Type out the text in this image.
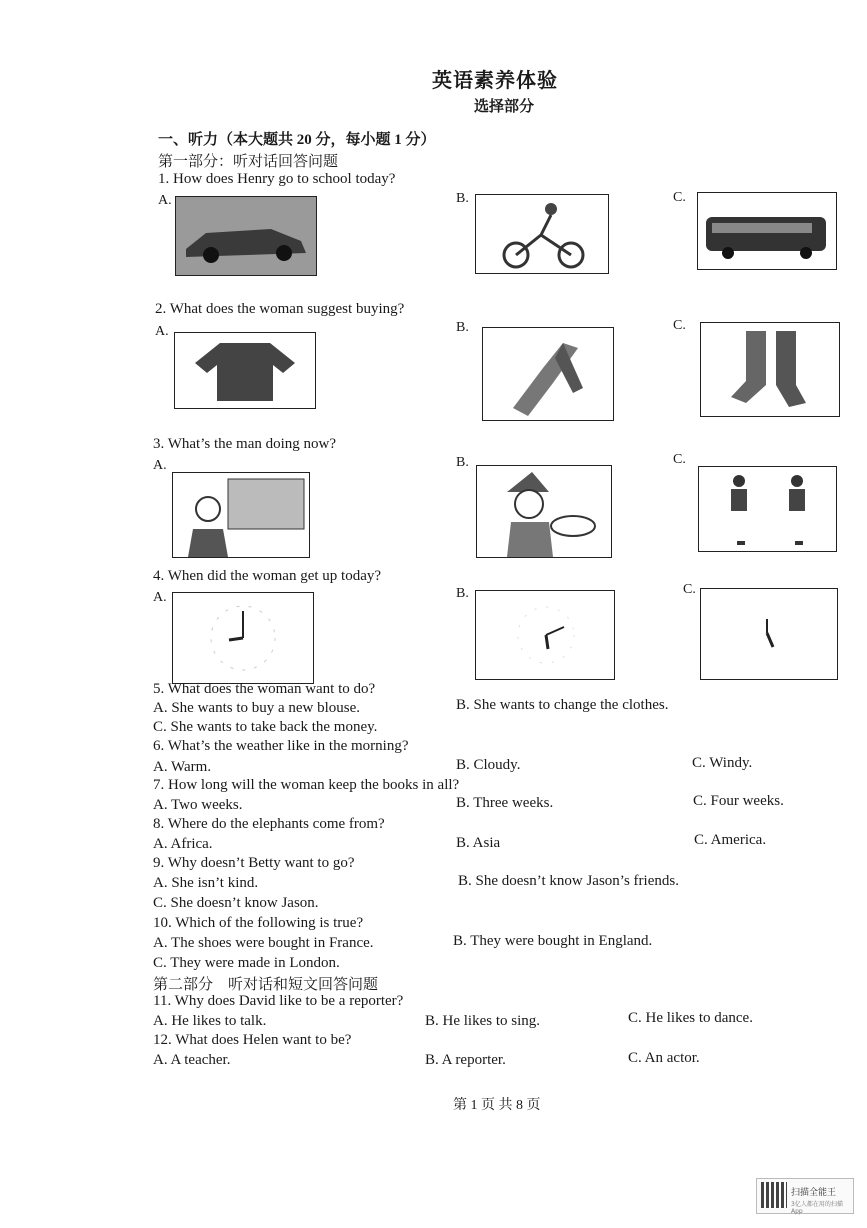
英语素养体验
选择部分
一、听力（本大题共 20 分，每小题 1 分）
第一部分：听对话回答问题
1. How does Henry go to school today?
A.	B.	C.
2. What does the woman suggest buying?
A.	B.	C.
3. What’s the man doing now?
A.	B.	C.
4. When did the woman get up today?
A.	B.	C.
5. What does the woman want to do?
A. She wants to buy a new blouse.	B. She wants to change the clothes.
C. She wants to take back the money.
6. What’s the weather like in the morning?
A. Warm.	B. Cloudy.	C. Windy.
7. How long will the woman keep the books in all?
A. Two weeks.	B. Three weeks.	C. Four weeks.
8. Where do the elephants come from?
A. Africa.	B. Asia	C. America.
9. Why doesn’t Betty want to go?
A. She isn’t kind.	B. She doesn’t know Jason’s friends.
C. She doesn’t know Jason.
10. Which of the following is true?
A. The shoes were bought in France.	B. They were bought in England.
C. They were made in London.
第二部分　听对话和短文回答问题
11. Why does David like to be a reporter?
A. He likes to talk.	B. He likes to sing.	C. He likes to dance.
12. What does Helen want to be?
A. A teacher.	B. A reporter.	C. An actor.
第 1 页 共 8 页
扫描全能王
3亿人都在用的扫描App
